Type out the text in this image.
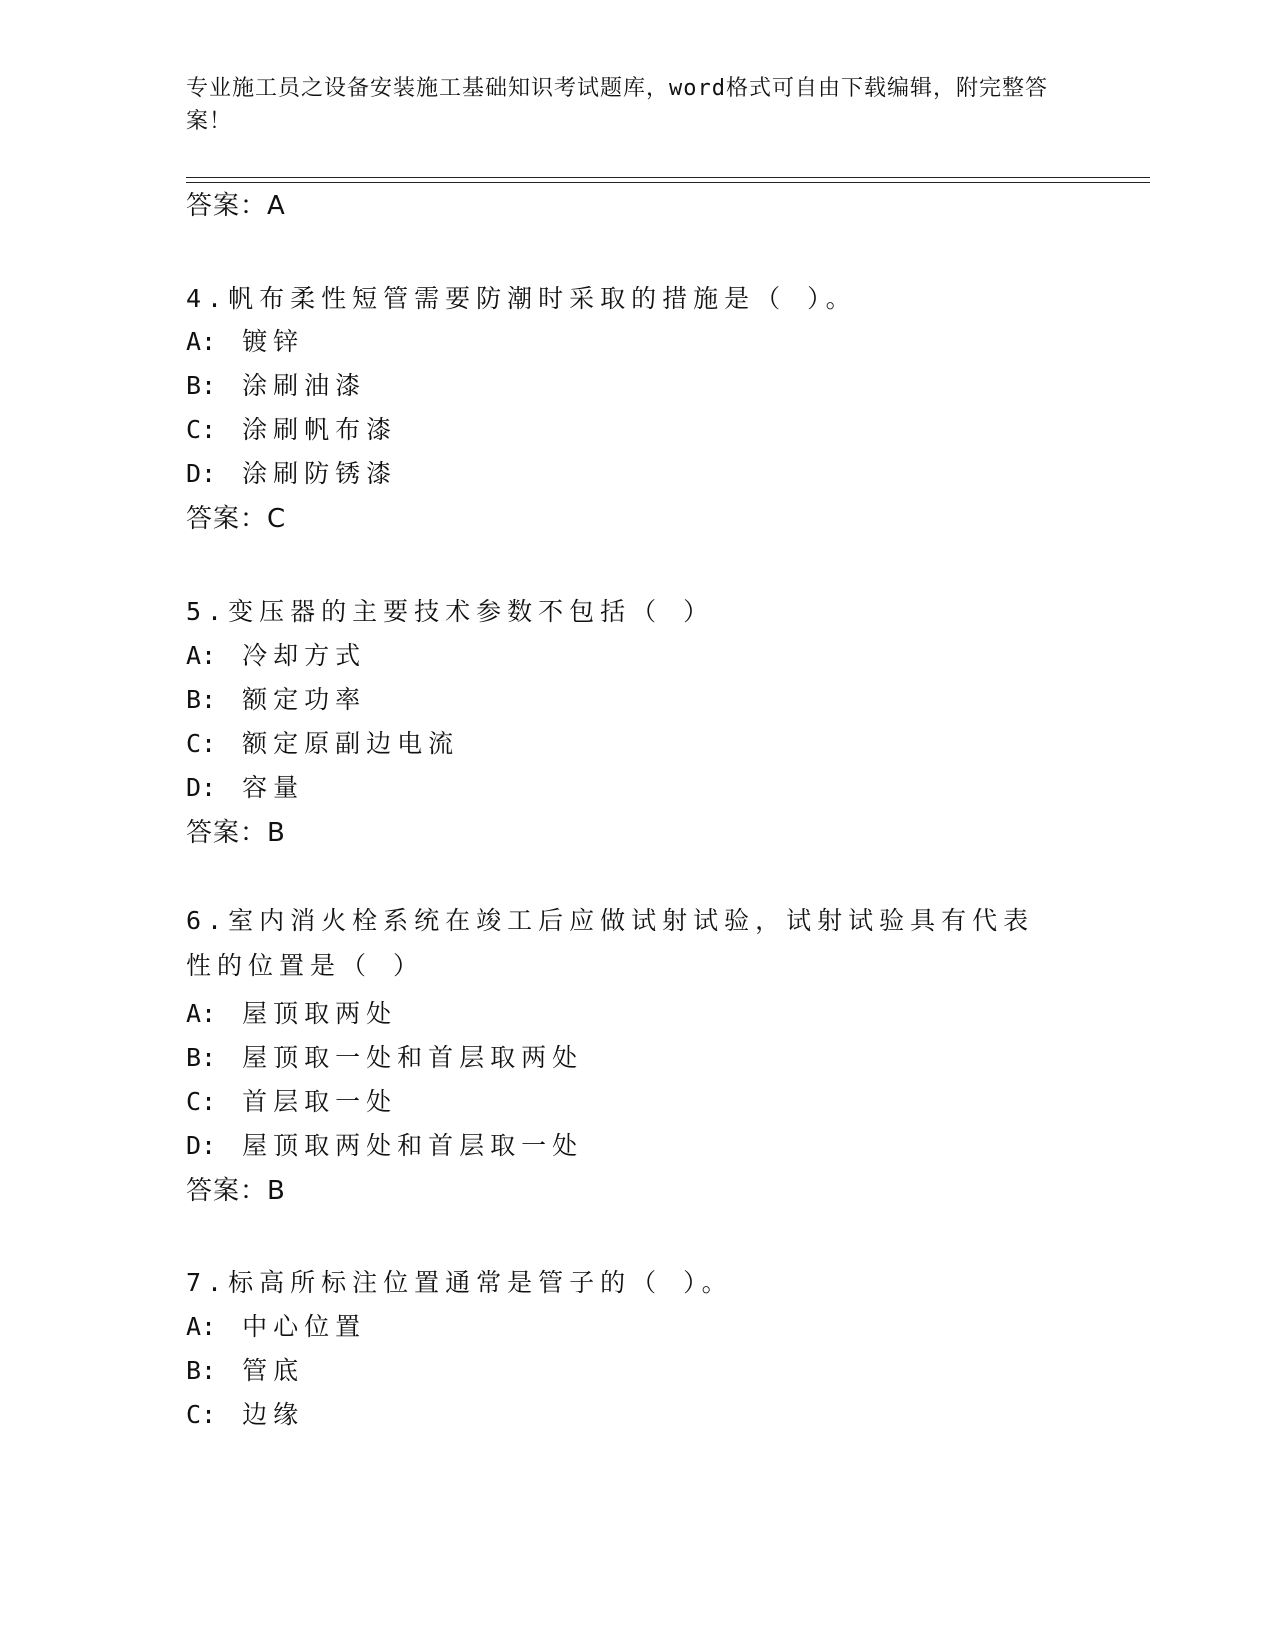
专业施工员之设备安装施工基础知识考试题库，word格式可自由下载编辑，附完整答案！
答案：A
4.帆布柔性短管需要防潮时采取的措施是（ ）。
A: 镀锌
B: 涂刷油漆
C: 涂刷帆布漆
D: 涂刷防锈漆
答案：C
5.变压器的主要技术参数不包括（ ）
A: 冷却方式
B: 额定功率
C: 额定原副边电流
D: 容量
答案：B
6.室内消火栓系统在竣工后应做试射试验，试射试验具有代表性的位置是（ ）
A: 屋顶取两处
B: 屋顶取一处和首层取两处
C: 首层取一处
D: 屋顶取两处和首层取一处
答案：B
7.标高所标注位置通常是管子的（ ）。
A: 中心位置
B: 管底
C: 边缘
